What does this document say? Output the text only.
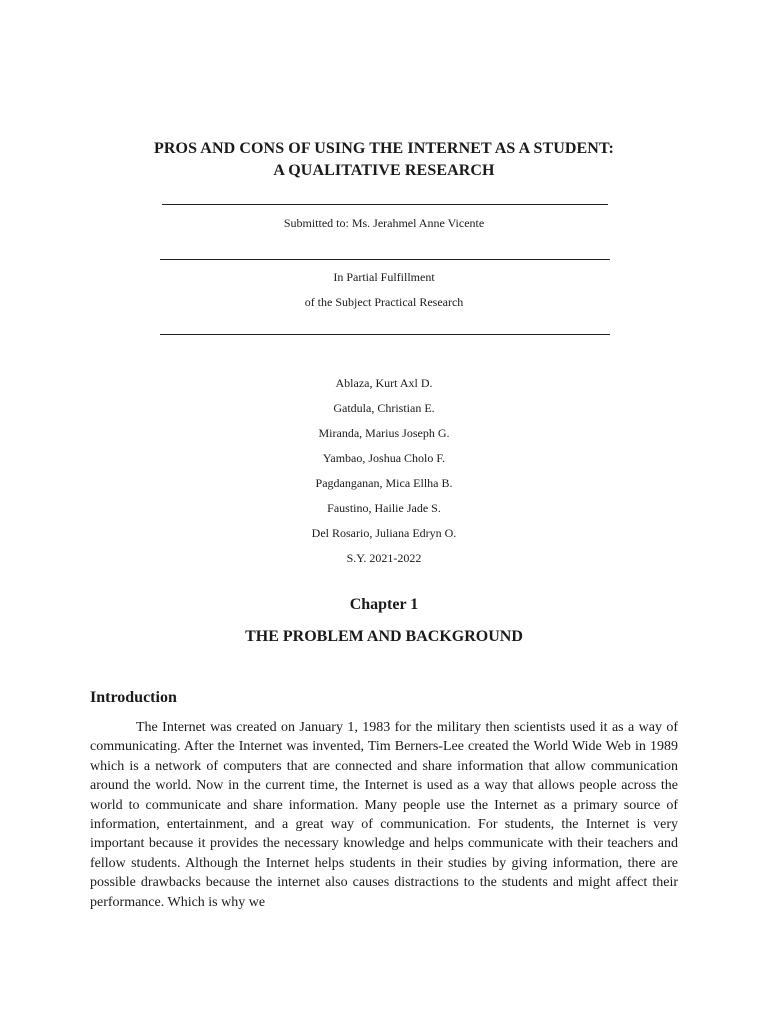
PROS AND CONS OF USING THE INTERNET AS A STUDENT:
A QUALITATIVE RESEARCH
Submitted to: Ms. Jerahmel Anne Vicente
In Partial Fulfillment
of the Subject Practical Research
Ablaza, Kurt Axl D.
Gatdula, Christian E.
Miranda, Marius Joseph G.
Yambao, Joshua Cholo F.
Pagdanganan, Mica Ellha B.
Faustino, Hailie Jade S.
Del Rosario, Juliana Edryn O.
S.Y. 2021-2022
Chapter 1
THE PROBLEM AND BACKGROUND
Introduction

The Internet was created on January 1, 1983 for the military then scientists used it as a way of communicating. After the Internet was invented, Tim Berners-Lee created the World Wide Web in 1989 which is a network of computers that are connected and share information that allow communication around the world. Now in the current time, the Internet is used as a way that allows people across the world to communicate and share information. Many people use the Internet as a primary source of information, entertainment, and a great way of communication. For students, the Internet is very important because it provides the necessary knowledge and helps communicate with their teachers and fellow students. Although the Internet helps students in their studies by giving information, there are possible drawbacks because the internet also causes distractions to the students and might affect their performance. Which is why we
